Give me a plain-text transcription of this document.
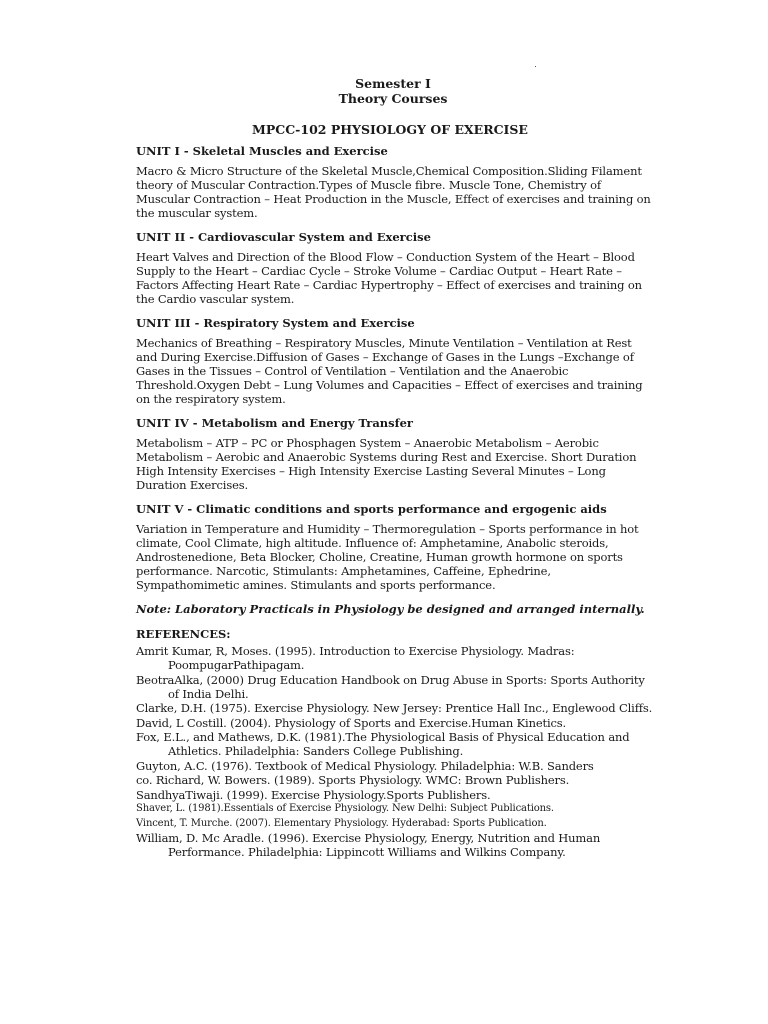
Semester I
Theory Courses
MPCC-102 PHYSIOLOGY OF EXERCISE
UNIT I - Skeletal Muscles and Exercise
Macro & Micro Structure of the Skeletal Muscle,Chemical Composition.Sliding Filament theory of Muscular Contraction.Types of Muscle fibre. Muscle Tone, Chemistry of Muscular Contraction – Heat Production in the Muscle, Effect of exercises and training on the muscular system.
UNIT II - Cardiovascular System and Exercise
Heart Valves and Direction of the Blood Flow – Conduction System of the Heart – Blood Supply to the Heart – Cardiac Cycle – Stroke Volume – Cardiac Output – Heart Rate – Factors Affecting Heart Rate – Cardiac Hypertrophy – Effect of exercises and training on the Cardio vascular system.
UNIT III - Respiratory System and Exercise
Mechanics of Breathing – Respiratory Muscles, Minute Ventilation – Ventilation at Rest and During Exercise.Diffusion of Gases – Exchange of Gases in the Lungs –Exchange of Gases in the Tissues – Control of Ventilation – Ventilation and the Anaerobic Threshold.Oxygen Debt – Lung Volumes and Capacities – Effect of exercises and training on the respiratory system.
UNIT IV - Metabolism and Energy Transfer
Metabolism – ATP – PC or Phosphagen System – Anaerobic Metabolism – Aerobic Metabolism – Aerobic and Anaerobic Systems during Rest and Exercise. Short Duration High Intensity Exercises – High Intensity Exercise Lasting Several Minutes – Long Duration Exercises.
UNIT V - Climatic conditions and sports performance and ergogenic aids
Variation in Temperature and Humidity – Thermoregulation – Sports performance in hot climate, Cool Climate, high altitude. Influence of: Amphetamine, Anabolic steroids, Androstenedione, Beta Blocker, Choline, Creatine, Human growth hormone on sports performance. Narcotic, Stimulants: Amphetamines, Caffeine, Ephedrine, Sympathomimetic amines. Stimulants and sports performance.
Note: Laboratory Practicals in Physiology be designed and arranged internally.
REFERENCES:
Amrit Kumar, R, Moses. (1995). Introduction to Exercise Physiology. Madras: PoompugarPathipagam.
BeotraAlka, (2000) Drug Education Handbook on Drug Abuse in Sports: Sports Authority of India Delhi.
Clarke, D.H. (1975). Exercise Physiology. New Jersey: Prentice Hall Inc., Englewood Cliffs.
David, L Costill. (2004). Physiology of Sports and Exercise.Human Kinetics.
Fox, E.L., and Mathews, D.K. (1981).The Physiological Basis of Physical Education and Athletics. Philadelphia: Sanders College Publishing.
Guyton, A.C. (1976). Textbook of Medical Physiology. Philadelphia: W.B. Sanders
co. Richard, W. Bowers. (1989). Sports Physiology. WMC: Brown Publishers.
SandhyaTiwaji. (1999). Exercise Physiology.Sports Publishers.
Shaver, L. (1981).Essentials of Exercise Physiology. New Delhi: Subject Publications.
Vincent, T. Murche. (2007). Elementary Physiology. Hyderabad: Sports Publication.
William, D. Mc Aradle. (1996). Exercise Physiology, Energy, Nutrition and Human Performance. Philadelphia: Lippincott Williams and Wilkins Company.
